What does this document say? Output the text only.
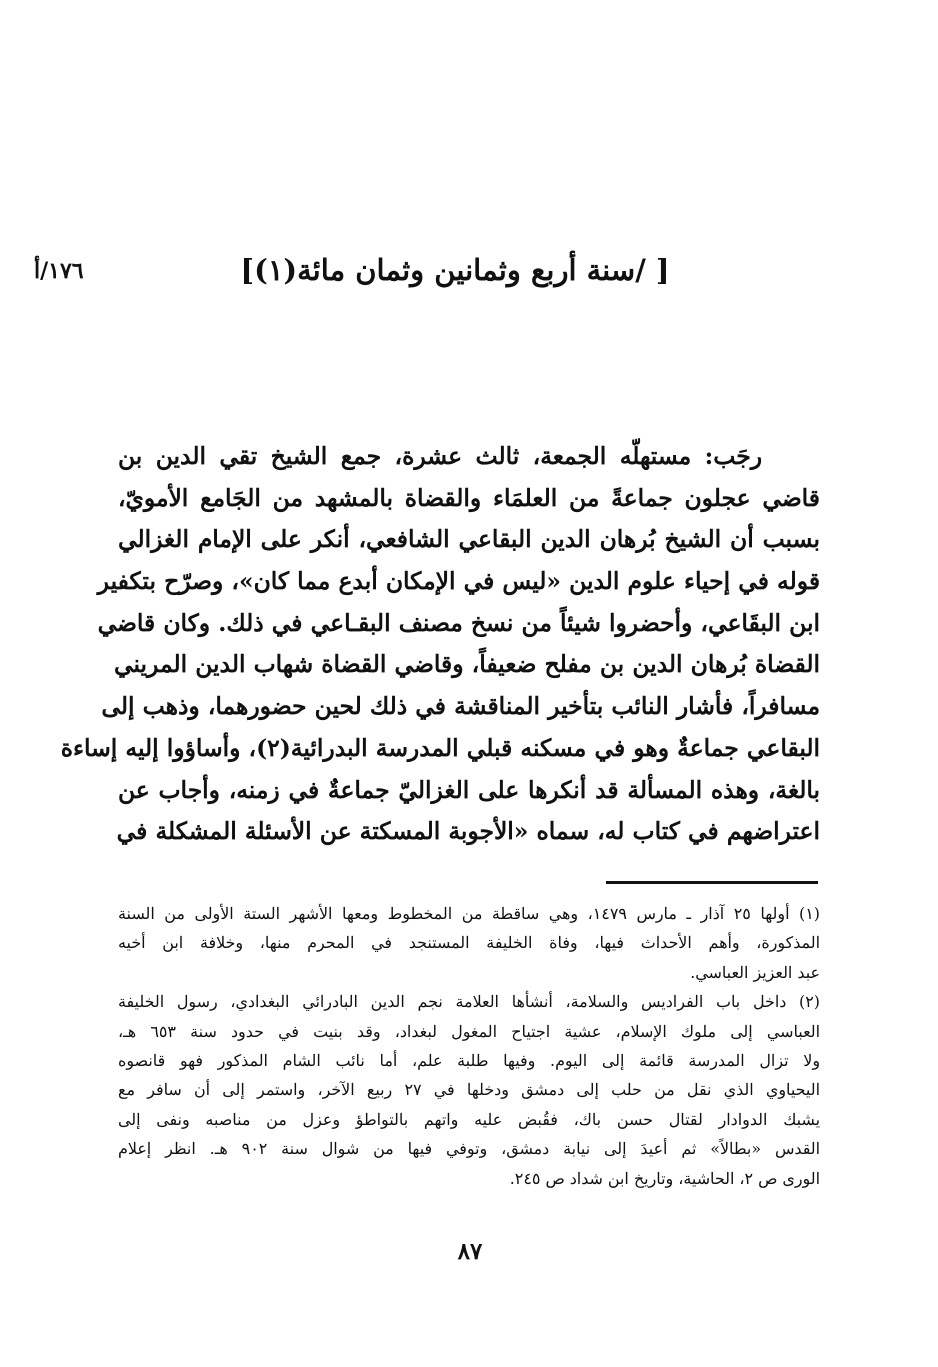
[ /سنة أربع وثمانين وثمان مائة(١)]
١٧٦/أ
رجَب: مستهلّه الجمعة، ثالث عشرة، جمع الشيخ تقي الدين بن
قاضي عجلون جماعةً من العلمَاء والقضاة بالمشهد من الجَامع الأمويّ،
بسبب أن الشيخ بُرهان الدين البقاعي الشافعي، أنكر على الإمام الغزالي
قوله في إحياء علوم الدين «ليس في الإمكان أبدع مما كان»، وصرّح بتكفير
ابن البقَاعي، وأحضروا شيئاً من نسخ مصنف البقـاعي في ذلك. وكان قاضي
القضاة بُرهان الدين بن مفلح ضعيفاً، وقاضي القضاة شهاب الدين المريني
مسافراً، فأشار النائب بتأخير المناقشة في ذلك لحين حضورهما، وذهب إلى
البقاعي جماعةٌ وهو في مسكنه قبلي المدرسة البدرائية(٢)، وأساؤوا إليه إساءة
بالغة، وهذه المسألة قد أنكرها على الغزاليّ جماعةٌ في زمنه، وأجاب عن
اعتراضهم في كتاب له، سماه «الأجوبة المسكتة عن الأسئلة المشكلة في
(١) أولها ٢٥ آذار ـ مارس ١٤٧٩، وهي ساقطة من المخطوط ومعها الأشهر الستة الأولى من السنة
المذكورة، وأهم الأحداث فيها، وفاة الخليفة المستنجد في المحرم منها، وخلافة ابن أخيه
عبد العزيز العباسي.
(٢) داخل باب الفراديس والسلامة، أنشأها العلامة نجم الدين البادرائي البغدادي، رسول الخليفة
العباسي إلى ملوك الإسلام، عشية اجتياح المغول لبغداد، وقد بنيت في حدود سنة ٦٥٣ هـ،
ولا تزال المدرسة قائمة إلى اليوم. وفيها طلبة علم، أما نائب الشام المذكور فهو قانصوه
اليحياوي الذي نقل من حلب إلى دمشق ودخلها في ٢٧ ربيع الآخر، واستمر إلى أن سافر مع
يشبك الدوادار لقتال حسن باك، فقُبض عليه واتهم بالتواطؤ وعزل من مناصبه ونفى إلى
القدس «بطالاً» ثم أعيدَ إلى نيابة دمشق، وتوفي فيها من شوال سنة ٩٠٢ هـ. انظر إعلام
الورى ص ٢، الحاشية، وتاريخ ابن شداد ص ٢٤٥.
٨٧
